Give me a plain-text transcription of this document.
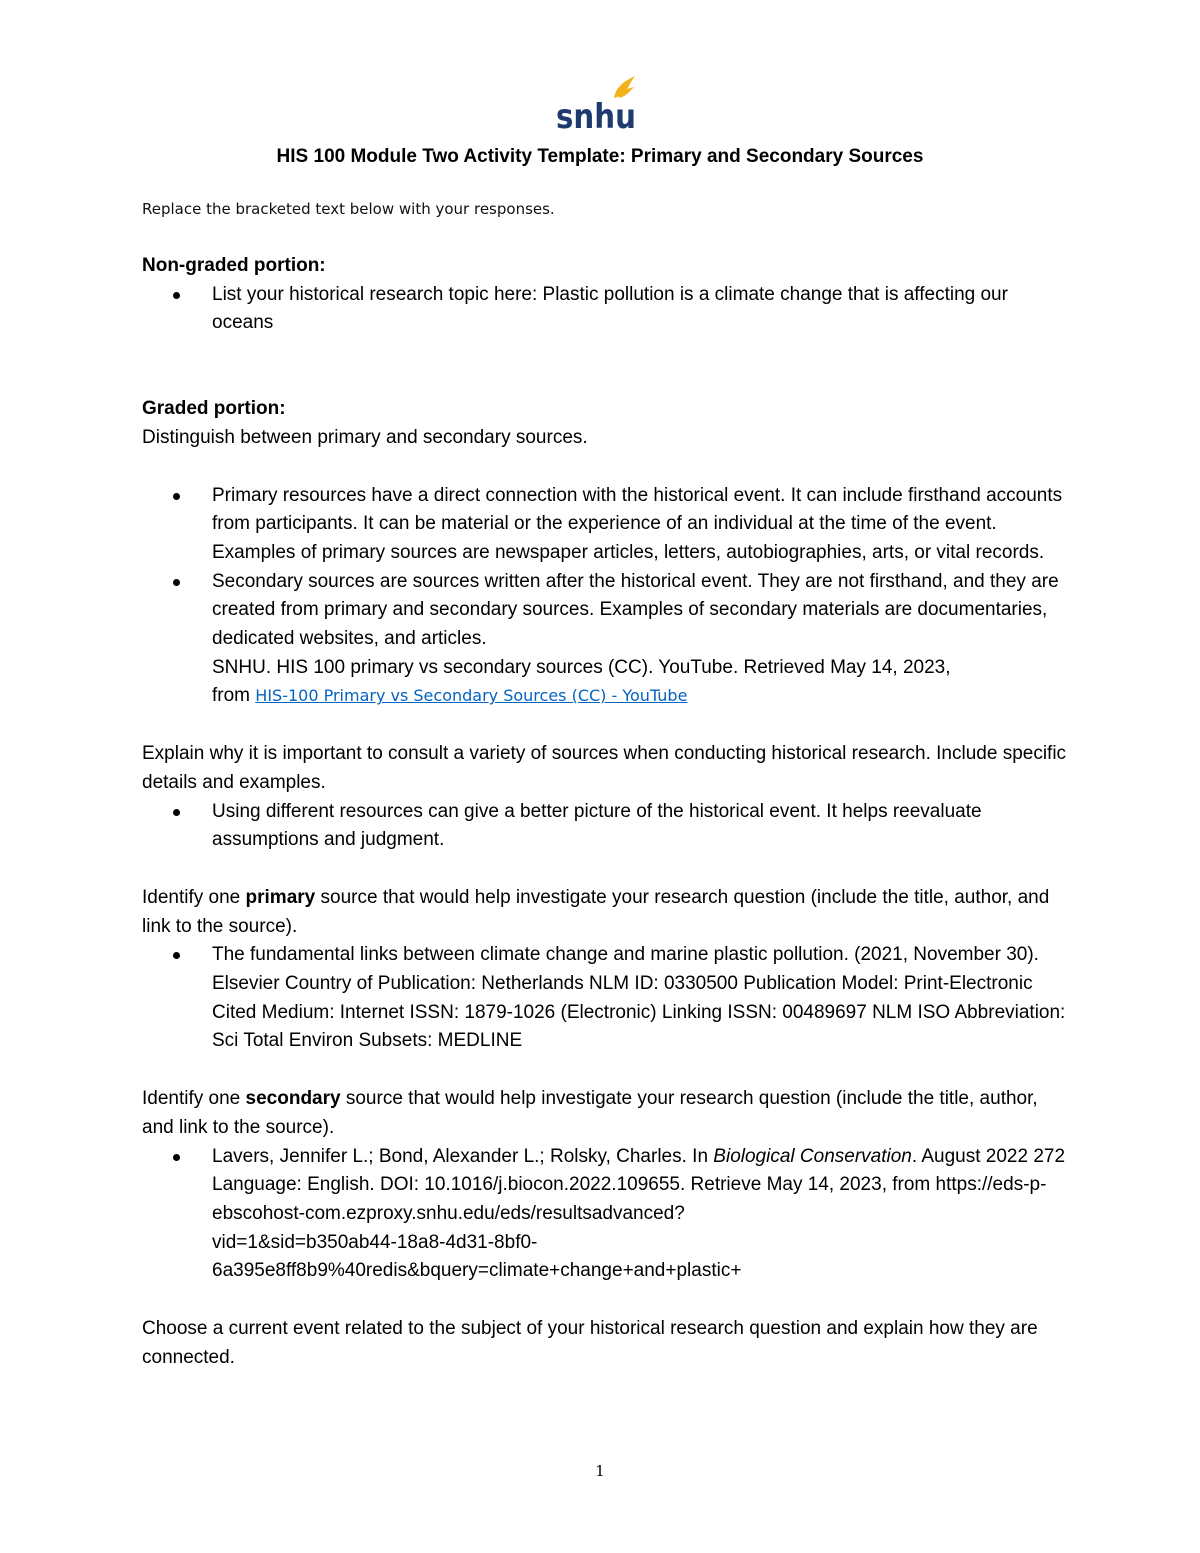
snhu
HIS 100 Module Two Activity Template: Primary and Secondary Sources
Replace the bracketed text below with your responses.

Non-graded portion:

List your historical research topic here: Plastic pollution is a climate change that is affecting our oceans

Graded portion:

Distinguish between primary and secondary sources.

Primary resources have a direct connection with the historical event. It can include firsthand accounts from participants. It can be material or the experience of an individual at the time of the event. Examples of primary sources are newspaper articles, letters, autobiographies, arts, or vital records.
Secondary sources are sources written after the historical event. They are not firsthand, and they are created from primary and secondary sources. Examples of secondary materials are documentaries, dedicated websites, and articles.
SNHU. HIS 100 primary vs secondary sources (CC). YouTube. Retrieved May 14, 2023,
from HIS-100 Primary vs Secondary Sources (CC) - YouTube

Explain why it is important to consult a variety of sources when conducting historical research. Include specific details and examples.

Using different resources can give a better picture of the historical event. It helps reevaluate assumptions and judgment.

Identify one primary source that would help investigate your research question (include the title, author, and link to the source).

The fundamental links between climate change and marine plastic pollution. (2021, November 30). Elsevier Country of Publication: Netherlands NLM ID: 0330500 Publication Model: Print-Electronic Cited Medium: Internet ISSN: 1879-1026 (Electronic) Linking ISSN: 00489697 NLM ISO Abbreviation: Sci Total Environ Subsets: MEDLINE

Identify one secondary source that would help investigate your research question (include the title, author, and link to the source).

Lavers, Jennifer L.; Bond, Alexander L.; Rolsky, Charles. In Biological Conservation. August 2022 272 Language: English. DOI: 10.1016/j.biocon.2022.109655. Retrieve May 14, 2023, from https://eds-p-ebscohost-com.ezproxy.snhu.edu/eds/resultsadvanced?
vid=1&sid=b350ab44-18a8-4d31-8bf0-
6a395e8ff8b9%40redis&bquery=climate+change+and+plastic+

Choose a current event related to the subject of your historical research question and explain how they are connected.

1
